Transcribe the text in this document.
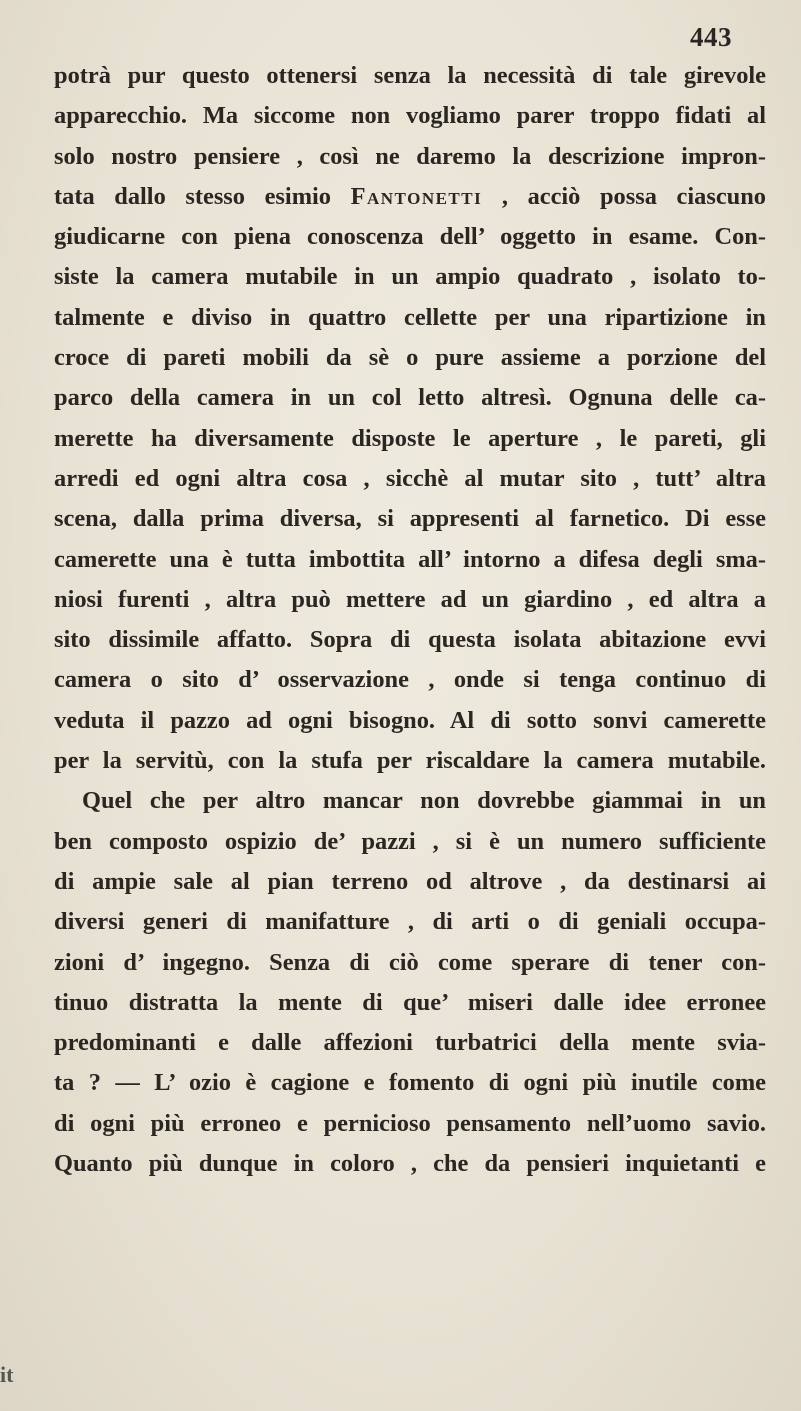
443
potrà pur questo ottenersi senza la necessità di tale girevole
apparecchio. Ma siccome non vogliamo parer troppo fidati al
solo nostro pensiere , così ne daremo la descrizione impron-
tata dallo stesso esimio Fantonetti , acciò possa ciascuno
giudicarne con piena conoscenza dell’ oggetto in esame. Con-
siste la camera mutabile in un ampio quadrato , isolato to-
talmente e diviso in quattro cellette per una ripartizione in
croce di pareti mobili da sè o pure assieme a porzione del
parco della camera in un col letto altresì. Ognuna delle ca-
merette ha diversamente disposte le aperture , le pareti, gli
arredi ed ogni altra cosa , sicchè al mutar sito , tutt’ altra
scena, dalla prima diversa, si appresenti al farnetico. Di esse
camerette una è tutta imbottita all’ intorno a difesa degli sma-
niosi furenti , altra può mettere ad un giardino , ed altra a
sito dissimile affatto. Sopra di questa isolata abitazione evvi
camera o sito d’ osservazione , onde si tenga continuo di
veduta il pazzo ad ogni bisogno. Al di sotto sonvi camerette
per la servitù, con la stufa per riscaldare la camera mutabile.
Quel che per altro mancar non dovrebbe giammai in un
ben composto ospizio de’ pazzi , si è un numero sufficiente
di ampie sale al pian terreno od altrove , da destinarsi ai
diversi generi di manifatture , di arti o di geniali occupa-
zioni d’ ingegno. Senza di ciò come sperare di tener con-
tinuo distratta la mente di que’ miseri dalle idee erronee
predominanti e dalle affezioni turbatrici della mente svia-
ta ? — L’ ozio è cagione e fomento di ogni più inutile come
di ogni più erroneo e pernicioso pensamento nell’uomo savio.
Quanto più dunque in coloro , che da pensieri inquietanti e
it
